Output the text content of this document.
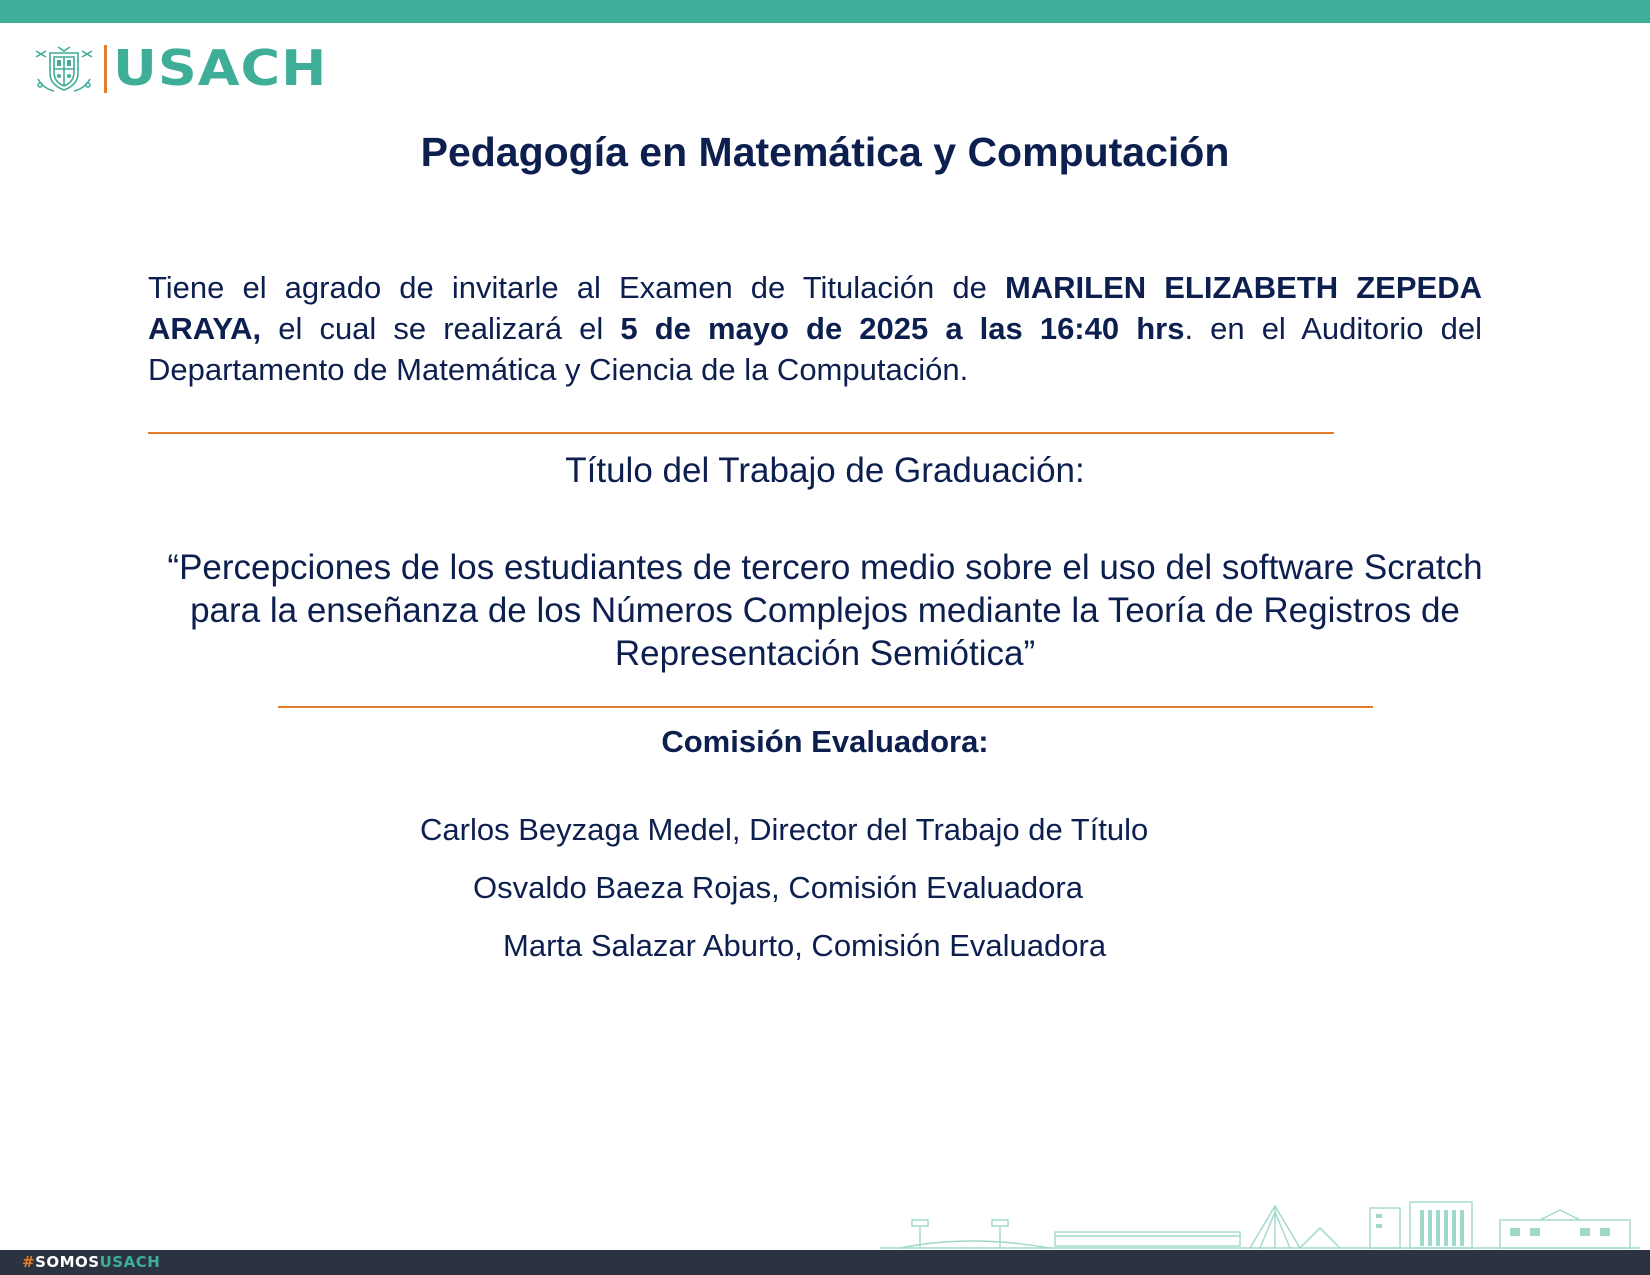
USACH
Pedagogía en Matemática y Computación

Tiene el agrado de invitarle al Examen de Titulación de MARILEN ELIZABETH ZEPEDA ARAYA, el cual se realizará el 5 de mayo de 2025 a las 16:40 hrs. en el Auditorio del Departamento de Matemática y Ciencia de la Computación.

Título del Trabajo de Graduación:

“Percepciones de los estudiantes de tercero medio sobre el uso del software Scratch para la enseñanza de los Números Complejos mediante la Teoría de Registros de Representación Semiótica”

Comisión Evaluadora:

Carlos Beyzaga Medel, Director del Trabajo de Título
Osvaldo Baeza Rojas, Comisión Evaluadora
Marta Salazar Aburto, Comisión Evaluadora
#SOMOSUSACH
